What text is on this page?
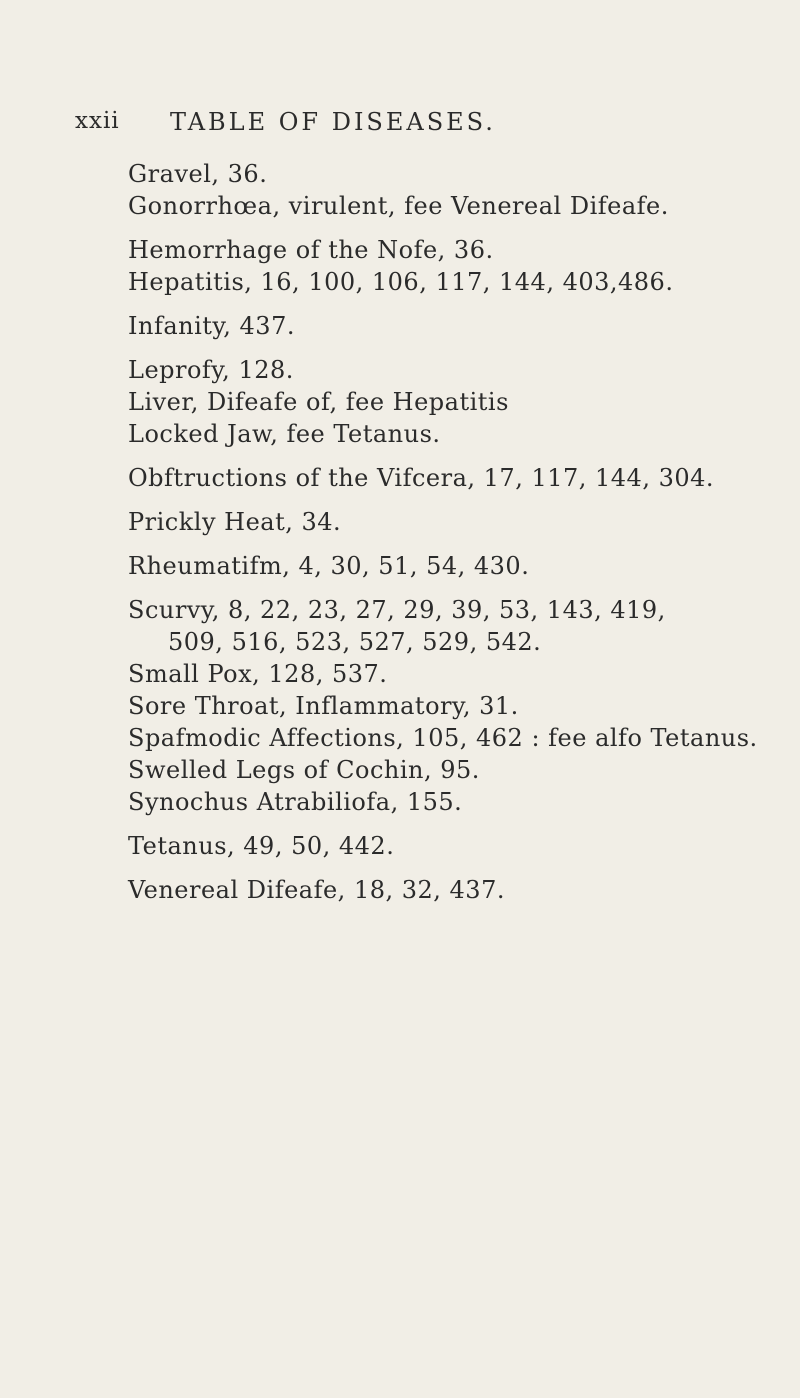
xxii TABLE OF DISEASES.
Gravel, 36.
Gonorrhœa, virulent, fee Venereal Difeafe.
Hemorrhage of the Nofe, 36.
Hepatitis, 16, 100, 106, 117, 144, 403,486.
Infanity, 437.
Leprofy, 128.
Liver, Difeafe of, fee Hepatitis
Locked Jaw, fee Tetanus.
Obftructions of the Vifcera, 17, 117, 144, 304.
Prickly Heat, 34.
Rheumatifm, 4, 30, 51, 54, 430.
Scurvy, 8, 22, 23, 27, 29, 39, 53, 143, 419,
509, 516, 523, 527, 529, 542.
Small Pox, 128, 537.
Sore Throat, Inflammatory, 31.
Spafmodic Affections, 105, 462 : fee alfo Tetanus.
Swelled Legs of Cochin, 95.
Synochus Atrabiliofa, 155.
Tetanus, 49, 50, 442.
Venereal Difeafe, 18, 32, 437.
